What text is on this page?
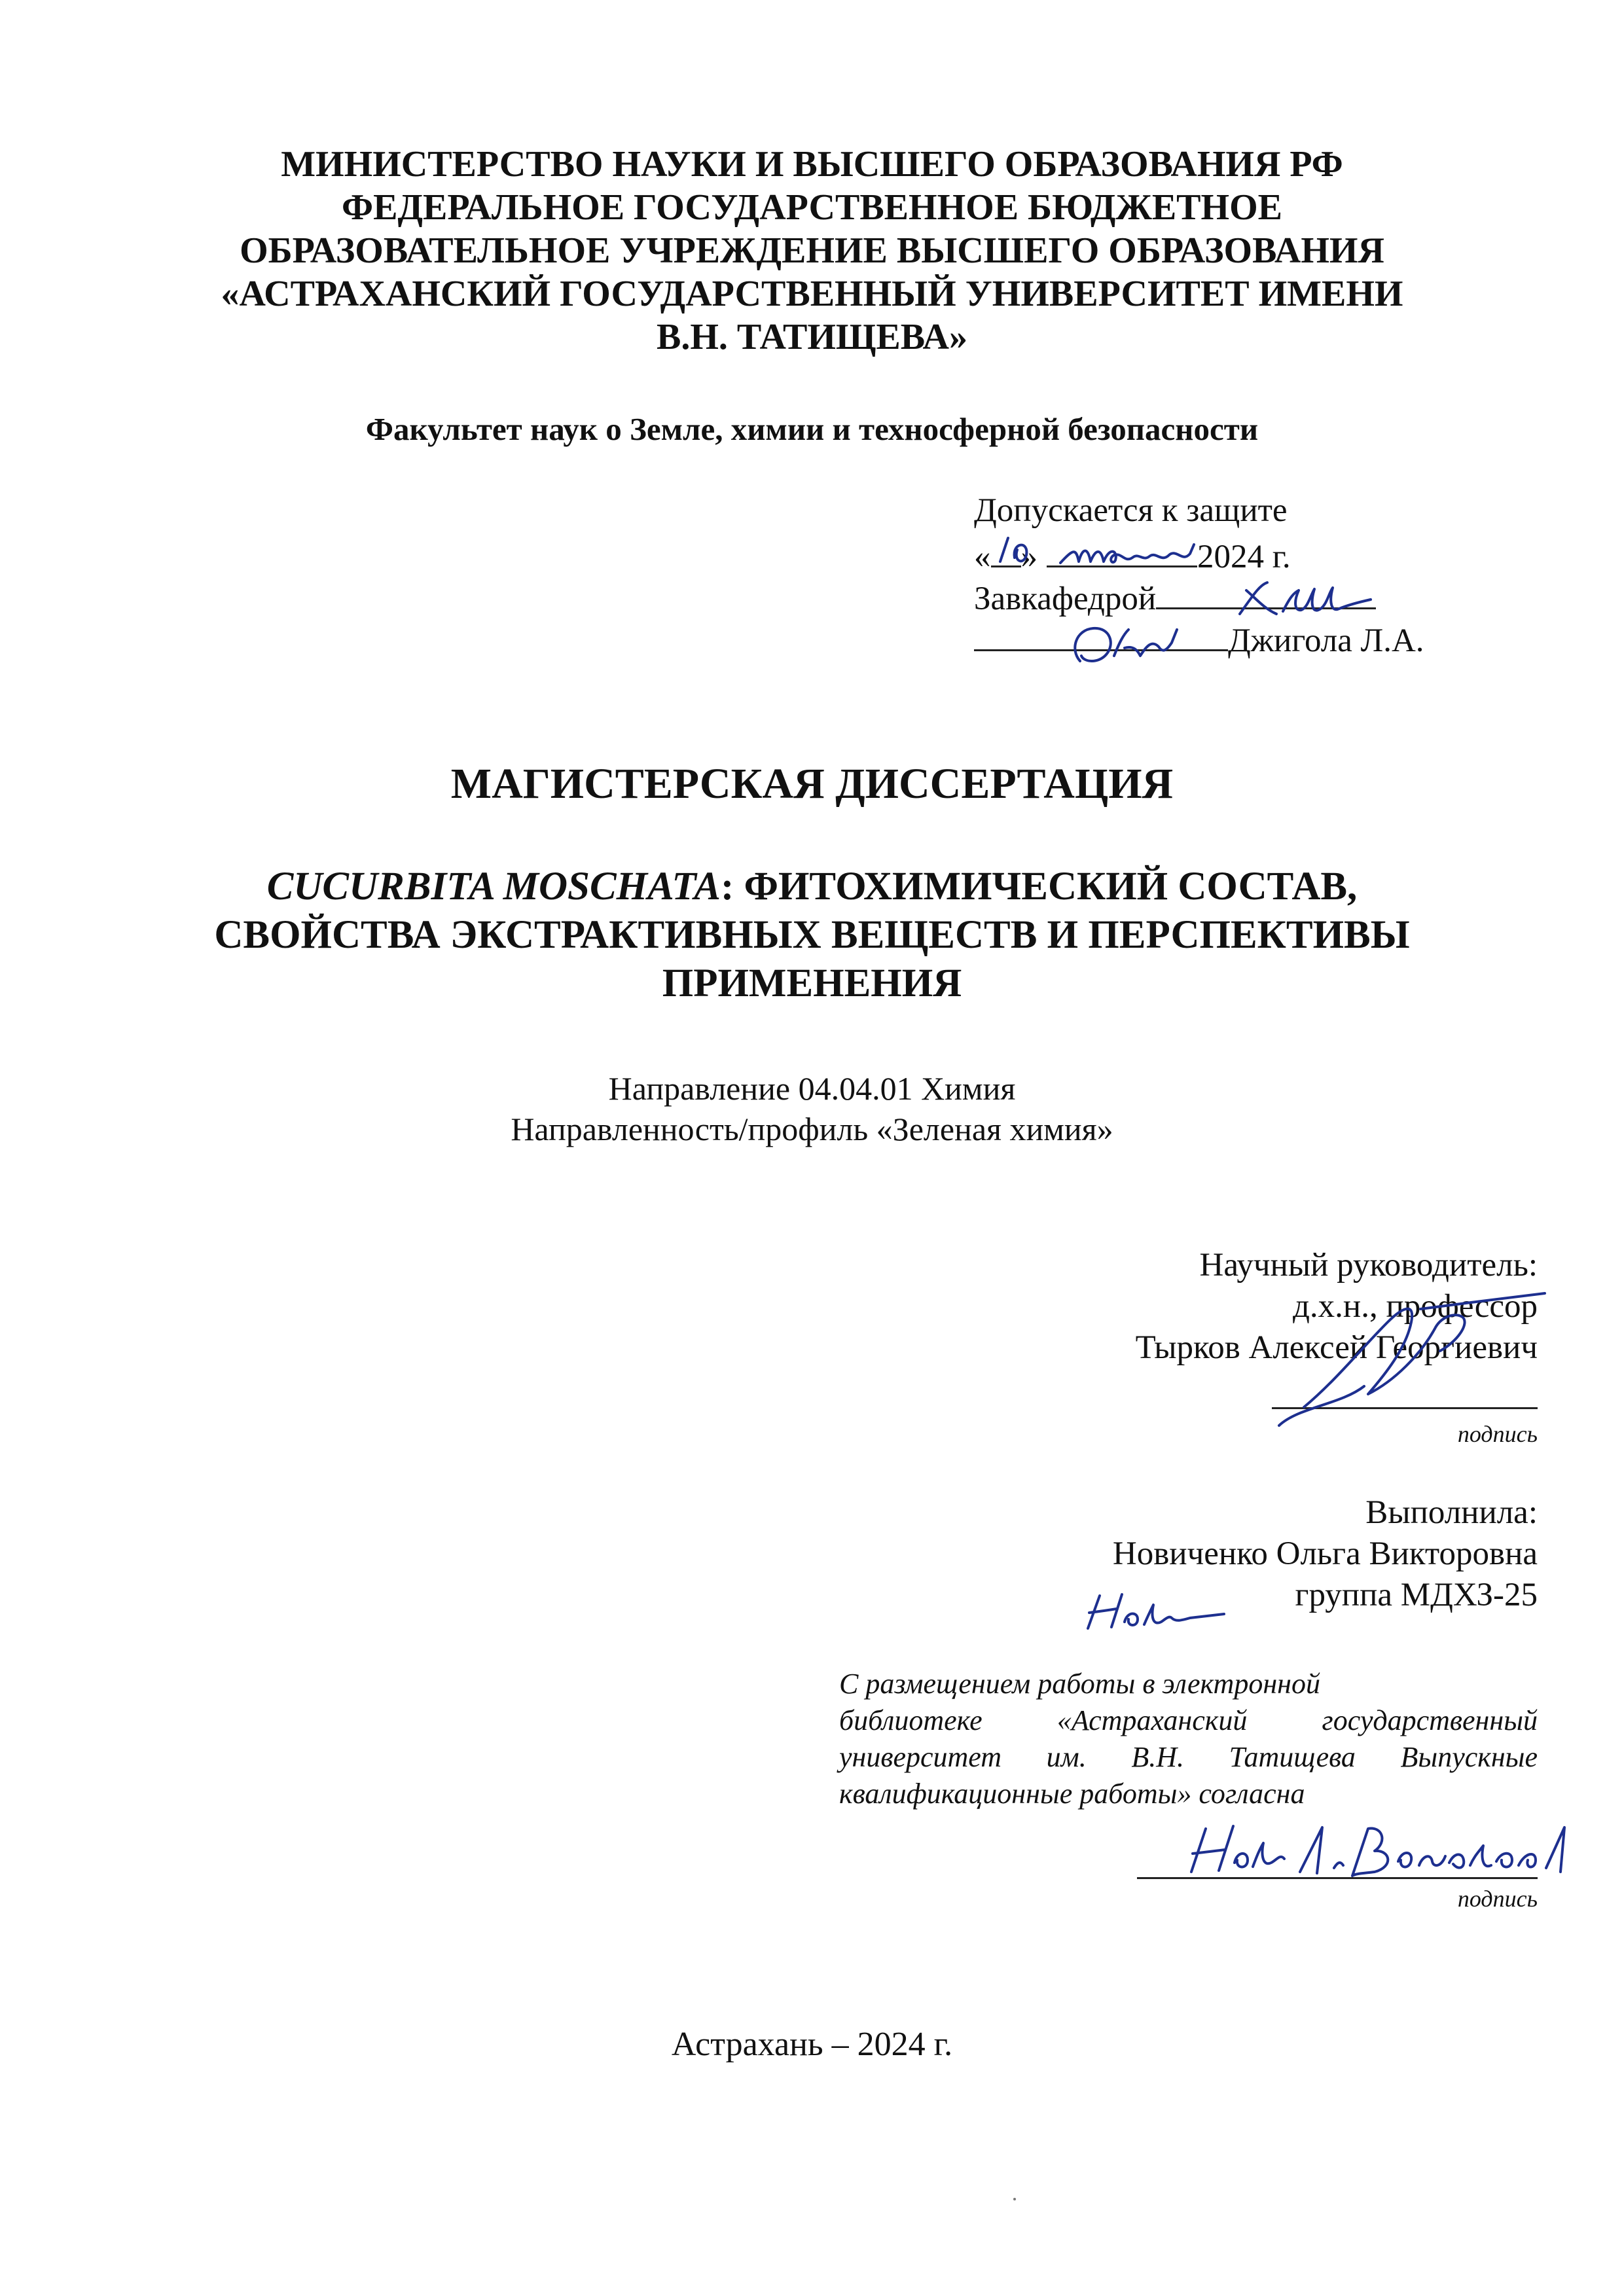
МИНИСТЕРСТВО НАУКИ И ВЫСШЕГО ОБРАЗОВАНИЯ РФ
ФЕДЕРАЛЬНОЕ ГОСУДАРСТВЕННОЕ БЮДЖЕТНОЕ
ОБРАЗОВАТЕЛЬНОЕ УЧРЕЖДЕНИЕ ВЫСШЕГО ОБРАЗОВАНИЯ
«АСТРАХАНСКИЙ ГОСУДАРСТВЕННЫЙ УНИВЕРСИТЕТ ИМЕНИ
В.Н. ТАТИЩЕВА»
Факультет наук о Земле, химии и техносферной безопасности
Допускается к защите
« »	2024 г.
Завкафедрой
Джигола Л.А.
МАГИСТЕРСКАЯ ДИССЕРТАЦИЯ
CUCURBITA MOSCHATA: ФИТОХИМИЧЕСКИЙ СОСТАВ,
СВОЙСТВА ЭКСТРАКТИВНЫХ ВЕЩЕСТВ И ПЕРСПЕКТИВЫ
ПРИМЕНЕНИЯ
Направление 04.04.01 Химия
Направленность/профиль «Зеленая химия»
Научный руководитель:
д.х.н., профессор
Тырков Алексей Георгиевич
подпись
Выполнила:
Новиченко Ольга Викторовна
группа МДХЗ-25
С размещением работы в электронной
библиотеке «Астраханский государственный
университет им. В.Н. Татищева Выпускные
квалификационные работы» согласна
подпись
Астрахань – 2024 г.
